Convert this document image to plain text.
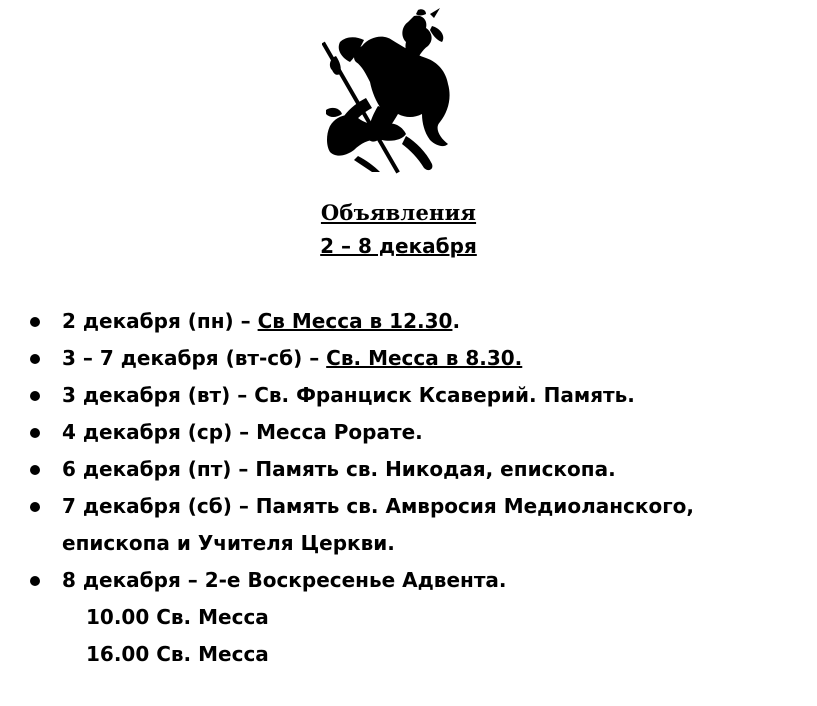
Объявления
2 – 8 декабря
2 декабря (пн) – Св Месса в 12.30.
3 – 7 декабря (вт-сб) – Св. Месса в 8.30.
3 декабря (вт) – Св. Франциск Ксаверий. Память.
4 декабря (ср) – Месса Рорате.
6 декабря (пт) – Память св. Никодая, епископа.
7 декабря (сб) – Память св. Амвросия Медиоланского,
епископа и Учителя Церкви.
8 декабря – 2-е Воскресенье Адвента.
10.00 Св. Месса
16.00 Св. Месса
